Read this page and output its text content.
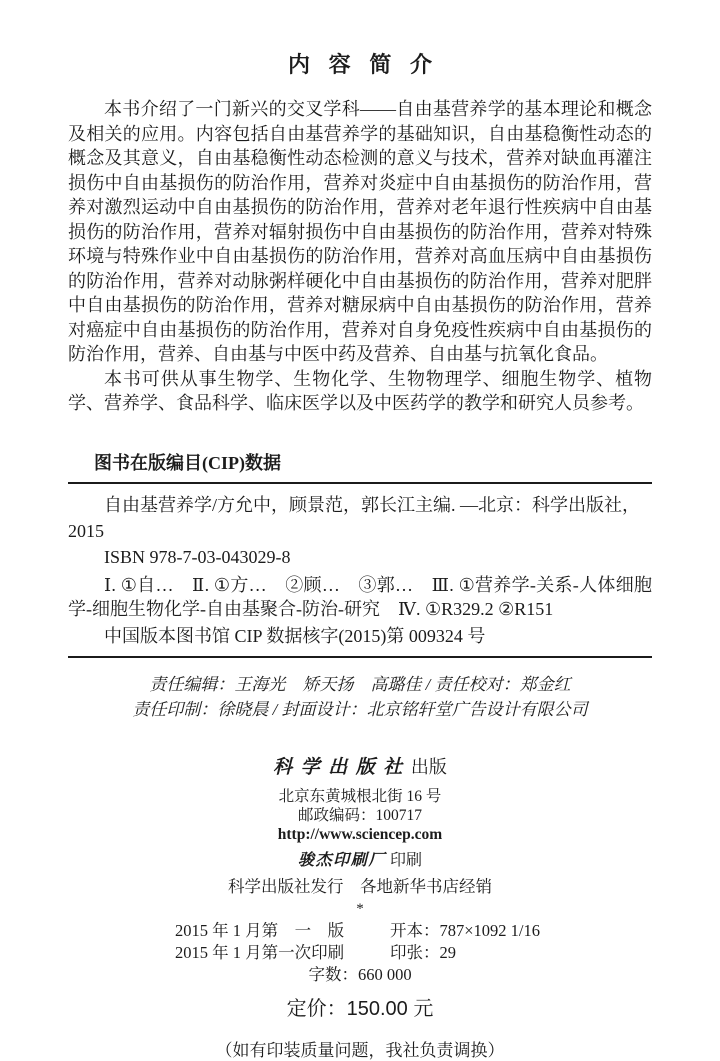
内容简介

本书介绍了一门新兴的交叉学科——自由基营养学的基本理论和概念及相关的应用。内容包括自由基营养学的基础知识，自由基稳衡性动态的概念及其意义，自由基稳衡性动态检测的意义与技术，营养对缺血再灌注损伤中自由基损伤的防治作用，营养对炎症中自由基损伤的防治作用，营养对激烈运动中自由基损伤的防治作用，营养对老年退行性疾病中自由基损伤的防治作用，营养对辐射损伤中自由基损伤的防治作用，营养对特殊环境与特殊作业中自由基损伤的防治作用，营养对高血压病中自由基损伤的防治作用，营养对动脉粥样硬化中自由基损伤的防治作用，营养对肥胖中自由基损伤的防治作用，营养对糖尿病中自由基损伤的防治作用，营养对癌症中自由基损伤的防治作用，营养对自身免疫性疾病中自由基损伤的防治作用，营养、自由基与中医中药及营养、自由基与抗氧化食品。

本书可供从事生物学、生物化学、生物物理学、细胞生物学、植物学、营养学、食品科学、临床医学以及中医药学的教学和研究人员参考。

图书在版编目(CIP)数据

自由基营养学/方允中，顾景范，郭长江主编. —北京：科学出版社，

2015

ISBN 978-7-03-043029-8

Ⅰ. ①自…　Ⅱ. ①方…　②顾…　③郭…　Ⅲ. ①营养学-关系-人体细胞学-细胞生物化学-自由基聚合-防治-研究　Ⅳ. ①R329.2 ②R151

中国版本图书馆 CIP 数据核字(2015)第 009324 号

责任编辑：王海光　矫天扬　高璐佳 / 责任校对：郑金红
责任印制：徐晓晨 / 封面设计：北京铭轩堂广告设计有限公司
科学出版社出版
北京东黄城根北街 16 号
邮政编码：100717
http://www.sciencep.com
骏杰印刷厂 印刷
科学出版社发行　各地新华书店经销
*
2015 年 1 月第　一　版	开本：787×1092 1/16
2015 年 1 月第一次印刷	印张：29
字数：660 000
定价：150.00 元
（如有印装质量问题，我社负责调换）
